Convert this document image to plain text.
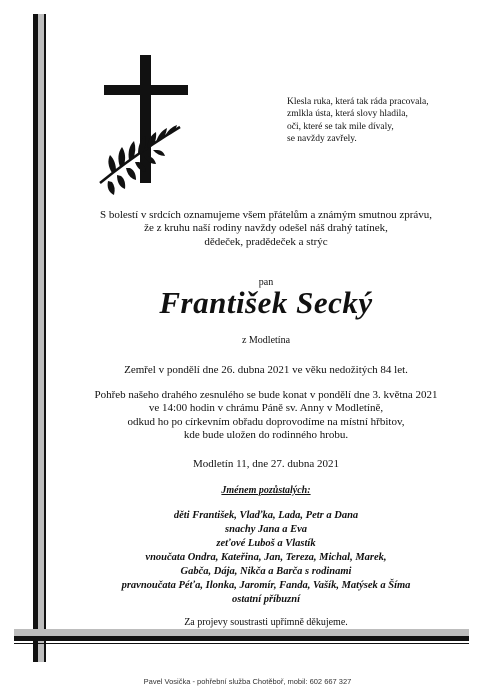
Klesla ruka, která tak ráda pracovala,
zmlkla ústa, která slovy hladila,
oči, které se tak mile dívaly,
se navždy zavřely.
S bolestí v srdcích oznamujeme všem přátelům a známým smutnou zprávu,
že z kruhu naší rodiny navždy odešel náš drahý tatínek,
dědeček, pradědeček a strýc
pan
František Secký
z Modletína
Zemřel v pondělí dne 26. dubna 2021 ve věku nedožitých 84 let.
Pohřeb našeho drahého zesnulého se bude konat v pondělí dne 3. května 2021
ve 14:00 hodin v chrámu Páně sv. Anny v Modletíně,
odkud ho po církevním obřadu doprovodíme na místní hřbitov,
kde bude uložen do rodinného hrobu.
Modletín 11, dne 27. dubna 2021
Jménem pozůstalých:
děti František, Vlaďka, Lada, Petr a Dana
snachy Jana a Eva
zeťové Luboš a Vlastík
vnoučata Ondra, Kateřina, Jan, Tereza, Michal, Marek,
Gabča, Dája, Nikča a Barča s rodinami
pravnoučata Péťa, Ilonka, Jaromír, Fanda, Vašík, Matýsek a Šíma
ostatní příbuzní
Za projevy soustrasti upřímně děkujeme.
Pavel Vosička - pohřební služba Chotěboř, mobil: 602 667 327
